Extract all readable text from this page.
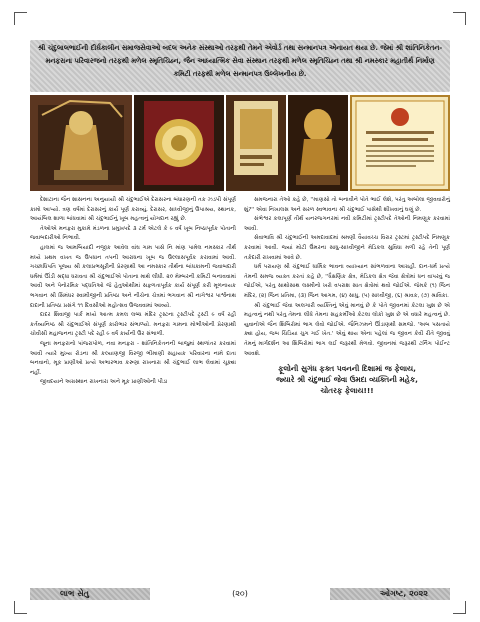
શ્રી ચંદુલાલભાઈની દીર્ઘકાલીન સમાજસેવાઓ બદલ અનેક સંસ્થાઓ તરફથી તેમને એવોર્ડ તથા સન્માનપત્ર એનાયત થયા છે. જેમાં શ્રી શાંતિનિકેતન-મનફરાના પરિવારજનો તરફથી મળેલ સ્મૃતિચિહ્ન, જૈન આધ્યાત્મિક સેવા સંસ્થાન તરફથી મળેલ સ્મૃતિચિહ્ન તથા શ્રી નમસ્કાર મહાતીર્થ નિર્માણ કમિટી તરફથી મળેલ સન્માનપત્ર ઉલ્લેખનીય છે.

દેશાટાના જૈન શાસનના અનુયાયી શ્રી ચંદુભાઈએ દેરાસરના બંધારણની તક ઝડપી સંપૂર્ણ કામો આપ્યો. ત્રણ વર્ષમાં દેરાસરનું કાર્ય પૂર્ણ કરાવ્યું. દેરાસર, સાધ્વીજીનું ઉપાશ્રય, સ્થાનક, આયંબિલ શાળા બાંધવામાં શ્રી ચંદુભાઈનું ખૂબ મહત્વનું યોગદાન રહ્યું છે.

તેઓએ મનફરા મુકામે મંડળના પ્રમુખપદે ૩ ટર્મ એટલે કે ૯ વર્ષ ખૂબ નિષ્ઠાપૂર્વક પોતાની જવાબદારીઓ નિભાવી.

હાલમાં જ આમબિયાદી નજીક આવેલ વાંઘ ગામ પાસે નિ માંણ પામેલ નમસ્કાર તીર્થ મધ્યે પ્રથમ વખત જ ઉપધાન તપની આરાધના ખૂબ જ ઉલ્લાસપૂર્વક કરાવામાં આવી. ગચ્છાધિપતિ પૂજ્ય શ્રી કલાપ્રભસૂરીની પ્રેરણાથી આ નમસ્કાર તીર્થના બાંધકામની જવાબદારી ધર્મમાં ઊંડી શ્રદ્ધા ધરાવતા શ્રી ચંદુભાઈએ પોતાના માથે લીધી. ૨૦ મેમ્બરની કમિટી બનાવવામાં આવી અને પેનોરમિક પદ્ધતિઓ જે હેતુઓથીમાં સફળતાપૂર્વક કાર્ય સંપૂર્ણ કરી મૂળનાયક ભગવાન શ્રી સિમંધર સ્વામીજીની પ્રતિષ્ઠા અને નીચેના ચેત્રમાં ભગવાન શ્રી નાગેશ્વર પાર્શ્વનાથ દાદાની પ્રતિષ્ઠા પ્રસંગે ૧૧ દિવસીઓ મહોત્સવ ઉજવવામાં આવ્યો.

દાદર શિવાજી પાર્ક મધ્યે આત્મ કમલ લબ્ધ મંદિર ટ્રસ્ટના ટ્રસ્ટીપદે ટ્રસ્ટી ૯ વર્ષ રહી કર્તવ્યનિષ્ઠ શ્રી ચંદુભાઈએ સંપૂર્ણ કારોભાર સંભાળ્યો. મનફરા ગામના મોભીઓની પ્રેરણાથી ચોવીસી મહાજનના ટ્રસ્ટી પદે રહી ૯ વર્ષ કાર્યની ઉર સંભાળી.

જૂના મનફરાનો પાંજરાપોળ, નવા મનફરા - શાંતિનિકેતનની બાજુમાં સ્થળાંતર કરવામાં આવી ત્યારે મુખ્ય રોડના શ્રી કલ્યાણજી વિરજી ભીમાણી સહાયક પરિવારના નામે દાતા બનવાનો, મૂક પ્રાણીઓ પ્રત્યે અભારભાવ કરુણા રાખનારા શ્રી ચંદુભાઈ લાભ લેવામાં ચૂક્યા નહીં.

જીવદયાને અગ્રસ્થાન રાખનારા અને મૂક પ્રાણીઓની પીડા

સમજનારા તેઓ કહે છે, ''માણસો તો બનાવીને પોતે ભાઈ લેશે, પરંતુ અબોલા જીવવારોનું શું?'' એવા નિખાલસ અને સરળ સ્વભાવના શ્રી ચંદુભાઈ પાસેથી શીખવાનું ઘણું છે.

સંભેશ્વર કલાપૂર્ણ તીર્થ યનરજગનરમાં નવી કમિટીમાં ટ્રસ્ટીપદે તેઓની નિમણૂક કરવામાં આવી.

સેવાભાવિ શ્રી ચંદુભાઈની અમદાવાદમાં શ્રમણી વૈયાવચ્ચ વિરાર ટ્રસ્ટમાં ટ્રસ્ટીપદે નિમણૂક કરવામાં આવી. જ્યાં મોટી ઉંમરના સાધુ-સાધ્વીજીને મેડિકલ સુવિધા મળી રહે તેની પૂર્ણ તકેદારી રાખવામાં આવે છે.

ધર્મ પરાયણ શ્રી ચંદુભાઈ ધાર્મિક ભાવના વ્યાખ્યાન સાંભળવાના આગ્રહી. દાન-ધર્મ પ્રત્યે તેમની સમજ વ્યક્ત કરતાં કહે છે, ''ધૈક્ષણિક ક્ષેત્ર, મેડિકલ ક્ષેત્ર જેવા ક્ષેત્રોમાં ધન વાપરવું જ જોઈએ, પરંતુ સાથોસાથ લક્ષ્મીનો ખરો વપરાશ સાત ક્ષેત્રોમાં થવો જોઈએ. જેમકે (૧) જિન મંદિર, (૨) જિન પ્રતિમા, (૩) જિન આગમ, (૪) સાધુ, (૫) સાધ્વીજી, (૬) શ્રાવક, (૭) શ્રાવિકા.

શ્રી ચંદુભાઈ જેવા અલગારી વ્યક્તિનું એવું માનવું છે કે પોતે જીવનમાં કેટલા ખુશ છે એ મહત્વનું નથી પરંતુ તેમના લીધે તેમના સહકર્મીઓ કેટલા લોકો ખુશ છે એ વધારે મહત્વનું છે. યુવાનોએ જૈન શિબિરોમાં ભાગ લેવો જોઈએ. જૈનિઝમને ઊંડાણથી સમજો. 'અબ પસતાયે ક્યા હોય, જબ ચિડિયા ચુગ ગઈ ખેત.' એવું થાય એના પહેલાં જ જીવન કેવી રીતે જીવવું તેમનું માર્ગદર્શન આ શિબિરોમાં ભાગ લઈ જરૂરથી મેળવો. જીવનમાં જરૂરથી ટર્નિંગ પોઈન્ટ આવશે.

ફૂલોની સુગંધ ફક્ત પવનની દિશામાં જ ફેલાય,
જ્યારે શ્રી ચંદુભાઈ જેવા ઉમદા વ્યક્તિની મહેક,
ચોતરફ ફેલાય!!!

લાભ સેતુ	(૨૦)	ઓગષ્ટ, ૨૦૨૨
